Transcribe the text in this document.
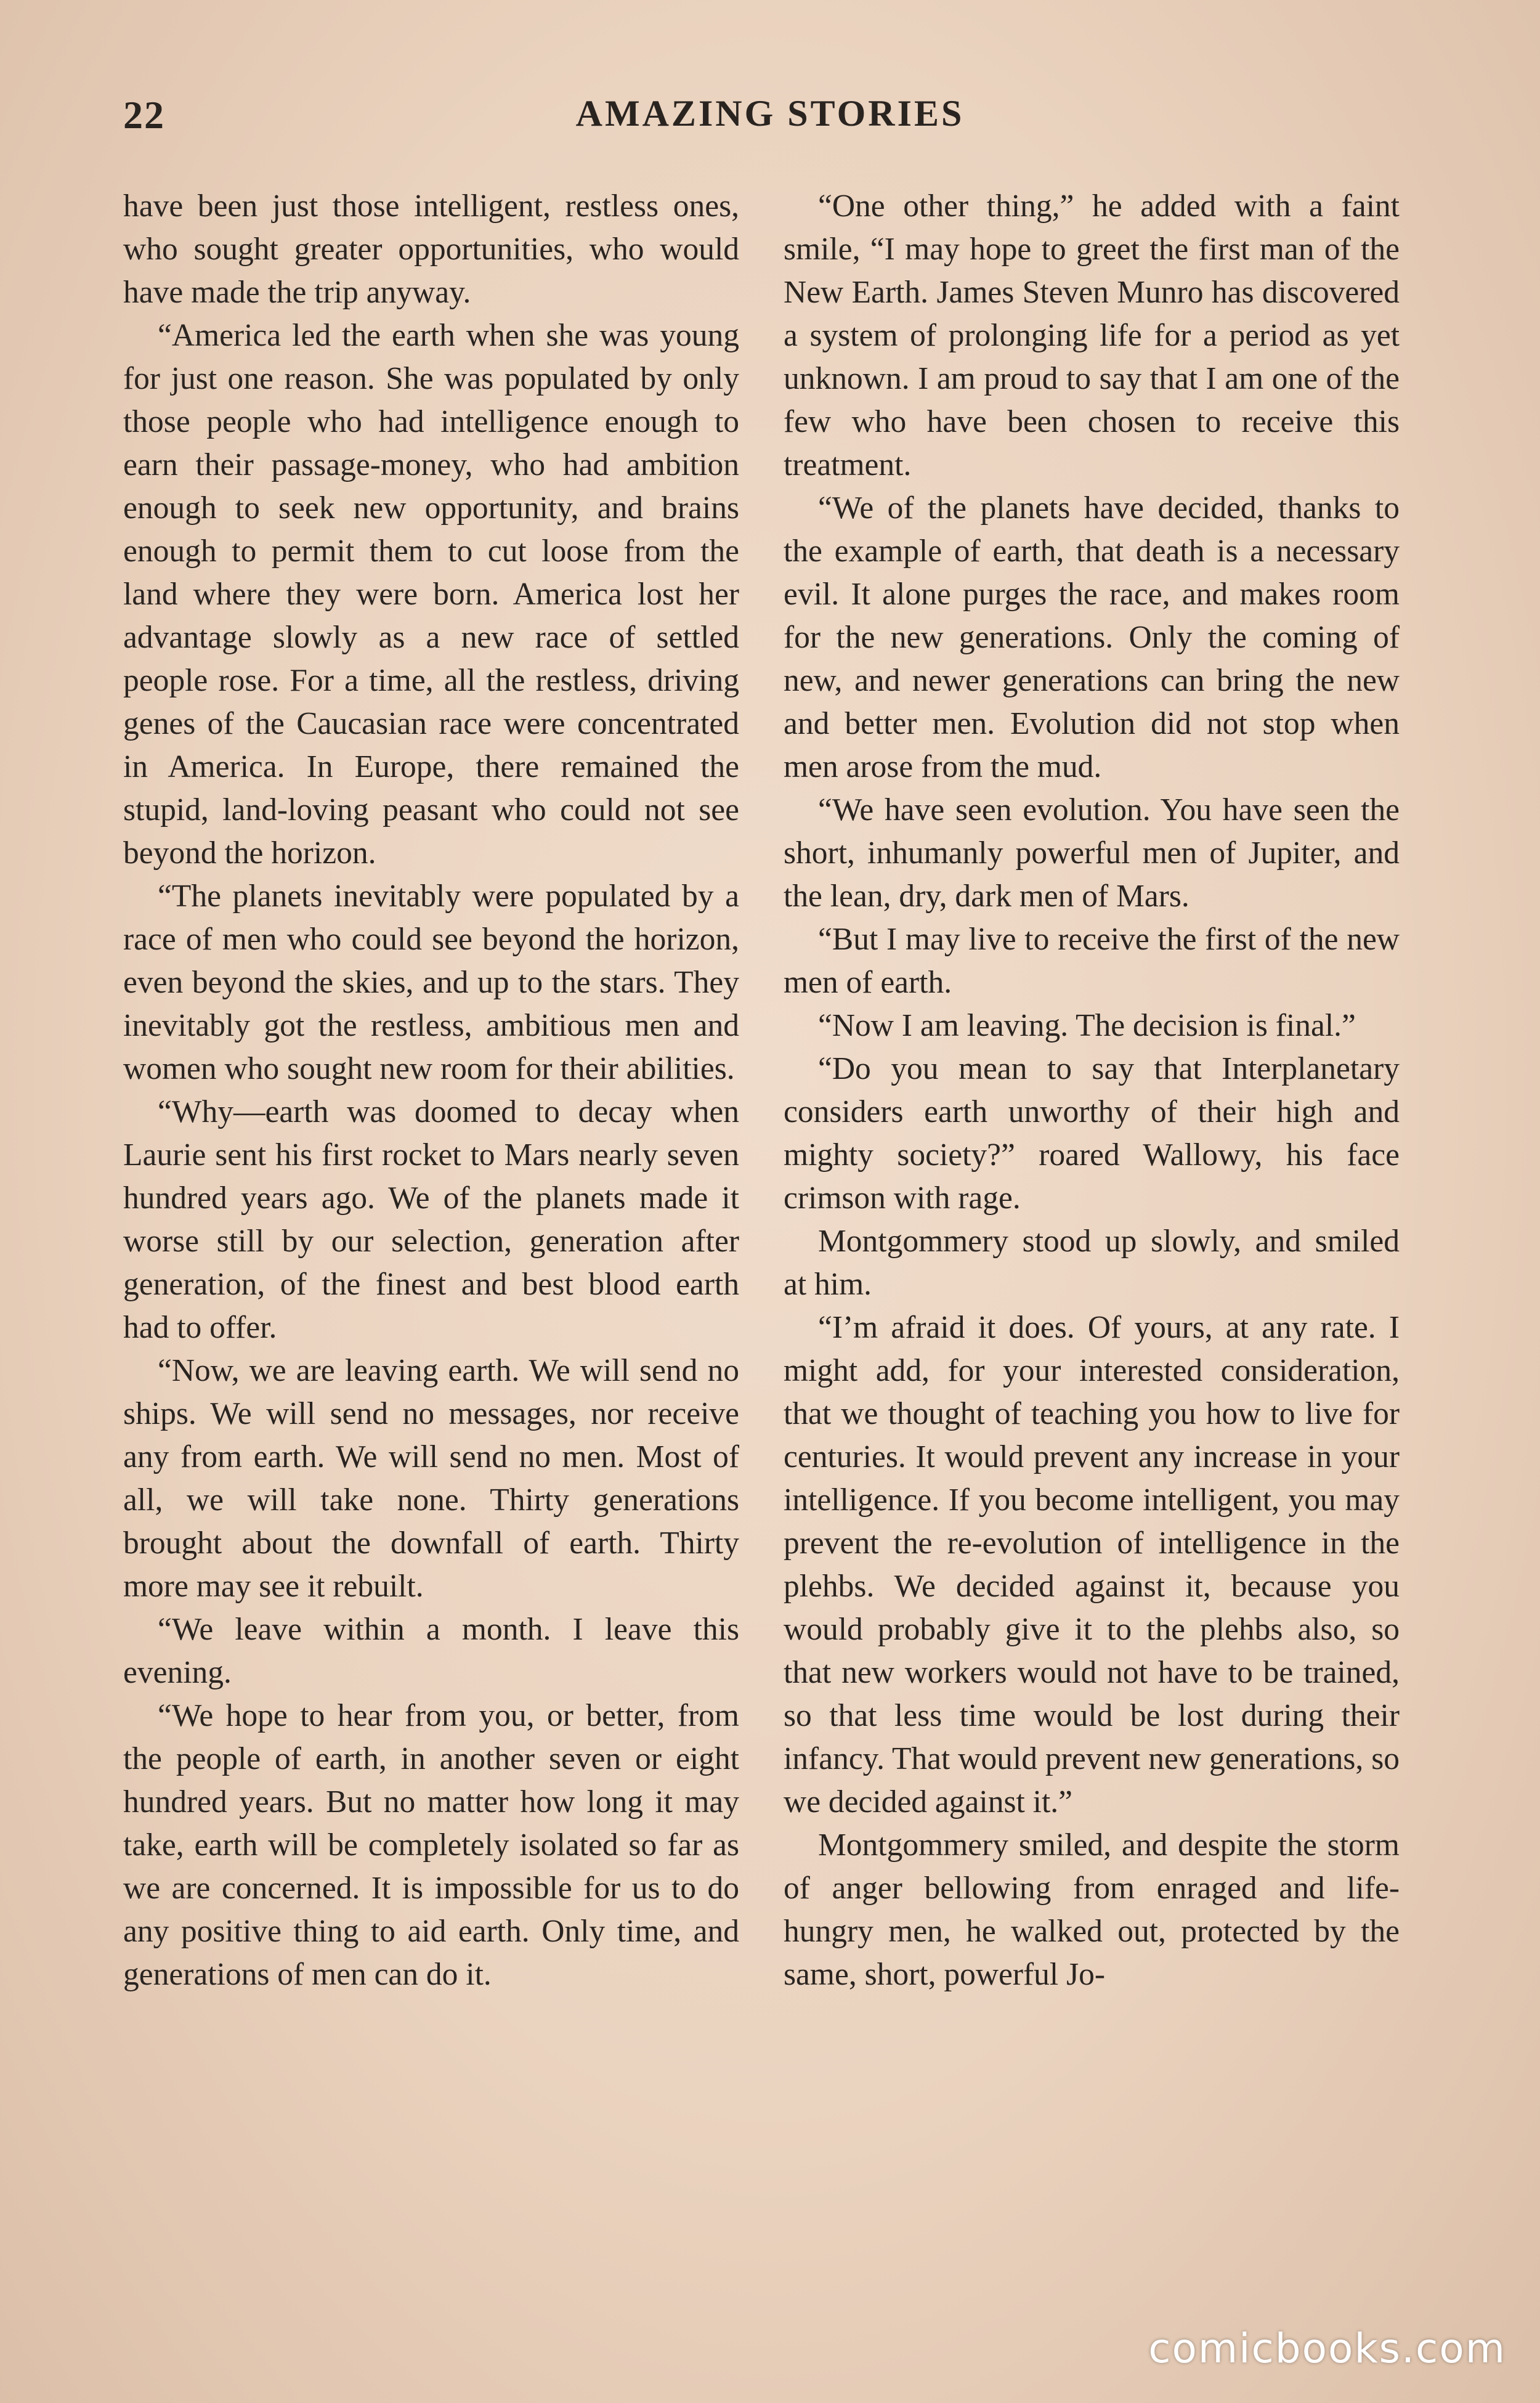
22	AMAZING STORIES

have been just those intelligent, restless ones, who sought greater opportunities, who would have made the trip anyway.

“America led the earth when she was young for just one reason. She was populated by only those people who had intelligence enough to earn their passage-money, who had ambition enough to seek new opportunity, and brains enough to permit them to cut loose from the land where they were born. America lost her advantage slowly as a new race of settled people rose. For a time, all the restless, driving genes of the Caucasian race were concentrated in America. In Europe, there remained the stupid, land-loving peasant who could not see beyond the horizon.

“The planets inevitably were populated by a race of men who could see beyond the horizon, even beyond the skies, and up to the stars. They inevitably got the restless, ambitious men and women who sought new room for their abilities.

“Why—earth was doomed to decay when Laurie sent his first rocket to Mars nearly seven hundred years ago. We of the planets made it worse still by our selection, generation after generation, of the finest and best blood earth had to offer.

“Now, we are leaving earth. We will send no ships. We will send no messages, nor receive any from earth. We will send no men. Most of all, we will take none. Thirty generations brought about the downfall of earth. Thirty more may see it rebuilt.

“We leave within a month. I leave this evening.

“We hope to hear from you, or better, from the people of earth, in another seven or eight hundred years. But no matter how long it may take, earth will be completely isolated so far as we are concerned. It is impossible for us to do any positive thing to aid earth. Only time, and generations of men can do it.

“One other thing,” he added with a faint smile, “I may hope to greet the first man of the New Earth. James Steven Munro has discovered a system of prolonging life for a period as yet unknown. I am proud to say that I am one of the few who have been chosen to receive this treatment.

“We of the planets have decided, thanks to the example of earth, that death is a necessary evil. It alone purges the race, and makes room for the new generations. Only the coming of new, and newer generations can bring the new and better men. Evolution did not stop when men arose from the mud.

“We have seen evolution. You have seen the short, inhumanly powerful men of Jupiter, and the lean, dry, dark men of Mars.

“But I may live to receive the first of the new men of earth.

“Now I am leaving. The decision is final.”

“Do you mean to say that Interplanetary considers earth unworthy of their high and mighty society?” roared Wallowy, his face crimson with rage.

Montgommery stood up slowly, and smiled at him.

“I’m afraid it does. Of yours, at any rate. I might add, for your interested consideration, that we thought of teaching you how to live for centuries. It would prevent any increase in your intelligence. If you become intelligent, you may prevent the re-evolution of intelligence in the plehbs. We decided against it, because you would probably give it to the plehbs also, so that new workers would not have to be trained, so that less time would be lost during their infancy. That would prevent new generations, so we decided against it.”

Montgommery smiled, and despite the storm of anger bellowing from enraged and life-hungry men, he walked out, protected by the same, short, powerful Jo-

comicbooks.com
